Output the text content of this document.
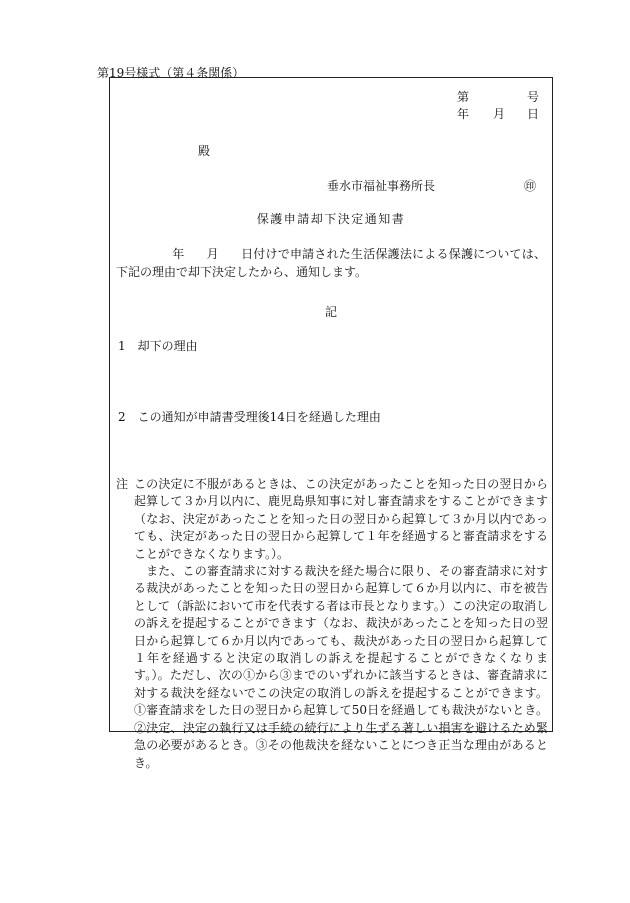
第19号様式（第４条関係）
第	号
年 月 日
殿
垂水市福祉事務所長	㊞
保護申請却下決定通知書
年 月 日付けで申請された生活保護法による保護については、下記の理由で却下決定したから、通知します。
記
1　却下の理由
2　この通知が申請書受理後14日を経過した理由
注 この決定に不服があるときは、この決定があったことを知った日の翌日から起算して３か月以内に、鹿児島県知事に対し審査請求をすることができます（なお、決定があったことを知った日の翌日から起算して３か月以内であっても、決定があった日の翌日から起算して１年を経過すると審査請求をすることができなくなります。）。

また、この審査請求に対する裁決を経た場合に限り、その審査請求に対する裁決があったことを知った日の翌日から起算して６か月以内に、市を被告として（訴訟において市を代表する者は市長となります。）この決定の取消しの訴えを提起することができます（なお、裁決があったことを知った日の翌日から起算して６か月以内であっても、裁決があった日の翌日から起算して１年を経過すると決定の取消しの訴えを提起することができなくなります。）。ただし、次の①から③までのいずれかに該当するときは、審査請求に対する裁決を経ないでこの決定の取消しの訴えを提起することができます。①審査請求をした日の翌日から起算して50日を経過しても裁決がないとき。②決定、決定の執行又は手続の続行により生ずる著しい損害を避けるため緊急の必要があるとき。③その他裁決を経ないことにつき正当な理由があるとき。
